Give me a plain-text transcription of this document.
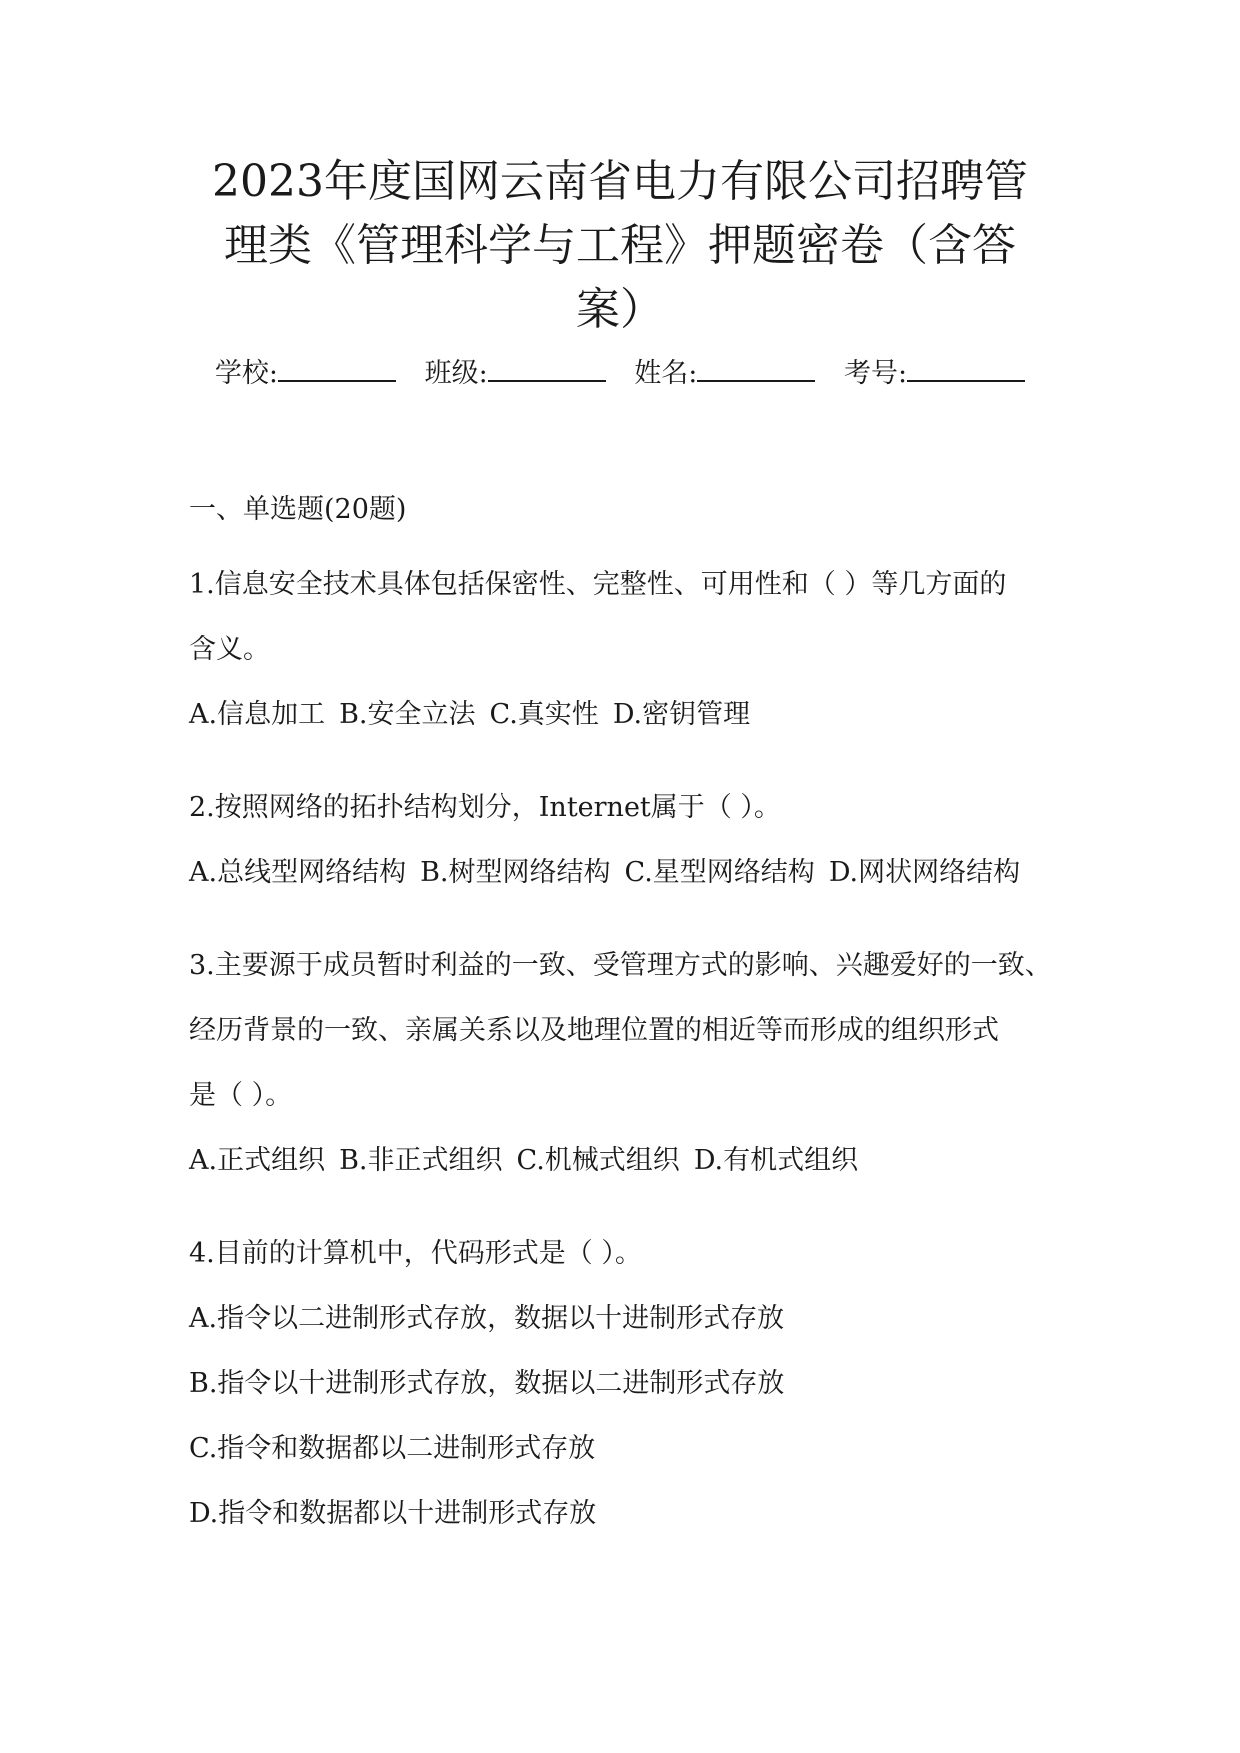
2023年度国网云南省电力有限公司招聘管
理类《管理科学与工程》押题密卷（含答
案）
学校:	班级:	姓名:	考号:
一、单选题(20题)
1.信息安全技术具体包括保密性、完整性、可用性和（ ）等几方面的
含义。
A.信息加工 B.安全立法 C.真实性 D.密钥管理
2.按照网络的拓扑结构划分，Internet属于（ ）。
A.总线型网络结构 B.树型网络结构 C.星型网络结构 D.网状网络结构
3.主要源于成员暂时利益的一致、受管理方式的影响、兴趣爱好的一致、
经历背景的一致、亲属关系以及地理位置的相近等而形成的组织形式
是（ ）。
A.正式组织 B.非正式组织 C.机械式组织 D.有机式组织
4.目前的计算机中，代码形式是（ ）。
A.指令以二进制形式存放，数据以十进制形式存放
B.指令以十进制形式存放，数据以二进制形式存放
C.指令和数据都以二进制形式存放
D.指令和数据都以十进制形式存放
